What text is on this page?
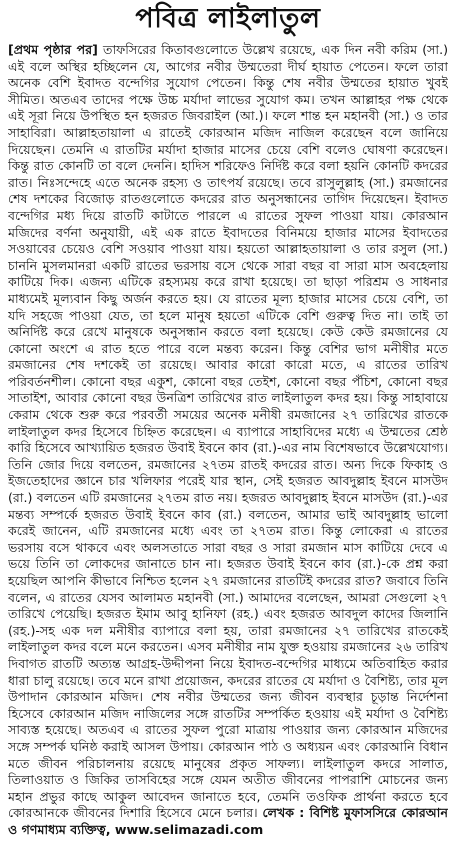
পবিত্র লাইলাতুল

[প্রথম পৃষ্ঠার পর] তাফসিরের কিতাবগুলোতে উল্লেখ রয়েছে, এক দিন নবী করিম (সা.) এই বলে অস্থির হচ্ছিলেন যে, আগের নবীর উম্মতেরা দীর্ঘ হায়াত পেতেন। ফলে তারা অনেক বেশি ইবাদত বন্দেগির সুযোগ পেতেন। কিন্তু শেষ নবীর উম্মতের হায়াত খুবই সীমিত। অতএব তাদের পক্ষে উচ্চ মর্যাদা লাভের সুযোগ কম। তখন আল্লাহর পক্ষ থেকে এই সূরা নিয়ে উপস্থিত হন হজরত জিবরাইল (আ.)। ফলে শান্ত হন মহানবী (সা.) ও তার সাহাবিরা। আল্লাহতায়ালা এ রাতেই কোরআন মজিদ নাজিল করেছেন বলে জানিয়ে দিয়েছেন। তেমনি এ রাতটির মর্যাদা হাজার মাসের চেয়ে বেশি বলেও ঘোষণা করেছেন। কিন্তু রাত কোনটি তা বলে দেননি। হাদিস শরিফেও নির্দিষ্ট করে বলা হয়নি কোনটি কদরের রাত। নিঃসন্দেহে এতে অনেক রহস্য ও তাৎপর্য রয়েছে। তবে রাসুলুল্লাহ (সা.) রমজানের শেষ দশকের বিজোড় রাতগুলোতে কদরের রাত অনুসন্ধানের তাগিদ দিয়েছেন। ইবাদত বন্দেগির মধ্য দিয়ে রাতটি কাটাতে পারলে এ রাতের সুফল পাওয়া যায়। কোরআন মজিদের বর্ণনা অনুযায়ী, এই এক রাতে ইবাদতের বিনিময়ে হাজার মাসের ইবাদতের সওয়াবের চেয়েও বেশি সওয়াব পাওয়া যায়। হয়তো আল্লাহতায়ালা ও তার রসুল (সা.) চাননি মুসলমানরা একটি রাতের ভরসায় বসে থেকে সারা বছর বা সারা মাস অবহেলায় কাটিয়ে দিক। এজন্য এটিকে রহস্যময় করে রাখা হয়েছে। তা ছাড়া পরিশ্রম ও সাধনার মাধ্যমেই মূল্যবান কিছু অর্জন করতে হয়। যে রাতের মূল্য হাজার মাসের চেয়ে বেশি, তা যদি সহজে পাওয়া যেত, তা হলে মানুষ হয়তো এটিকে বেশি গুরুত্ব দিত না। তাই তা অনির্দিষ্ট করে রেখে মানুষকে অনুসন্ধান করতে বলা হয়েছে। কেউ কেউ রমজানের যে কোনো অংশে এ রাত হতে পারে বলে মন্তব্য করেন। কিন্তু বেশির ভাগ মনীষীর মতে রমজানের শেষ দশকেই তা রয়েছে। আবার কারো কারো মতে, এ রাতের তারিখ পরিবর্তনশীল। কোনো বছর একুশ, কোনো বছর তেইশ, কোনো বছর পঁচিশ, কোনো বছর সাতাইশ, আবার কোনো বছর উনত্রিশ তারিখের রাত লাইলাতুল কদর হয়। কিন্তু সাহাবায়ে কেরাম থেকে শুরু করে পরবর্তী সময়ের অনেক মনীষী রমজানের ২৭ তারিখের রাতকে লাইলাতুল কদর হিসেবে চিহ্নিত করেছেন। এ ব্যাপারে সাহাবিদের মধ্যে এ উম্মতের শ্রেষ্ঠ কারি হিসেবে আখ্যায়িত হজরত উবাই ইবনে কাব (রা.)-এর নাম বিশেষভাবে উল্লেখযোগ্য। তিনি জোর দিয়ে বলতেন, রমজানের ২৭তম রাতই কদরের রাত। অন্য দিকে ফিকাহ ও ইজতেহাদের জ্ঞানে চার খলিফার পরেই যার স্থান, সেই হজরত আবদুল্লাহ ইবনে মাসউদ (রা.) বলতেন এটি রমজানের ২৭তম রাত নয়। হজরত আবদুল্লাহ ইবনে মাসউদ (রা.)-এর মন্তব্য সম্পর্কে হজরত উবাই ইবনে কাব (রা.) বলতেন, আমার ভাই আবদুল্লাহ ভালো করেই জানেন, এটি রমজানের মধ্যে এবং তা ২৭তম রাত। কিন্তু লোকেরা এ রাতের ভরসায় বসে থাকবে এবং অলসতাতে সারা বছর ও সারা রমজান মাস কাটিয়ে দেবে এ ভয়ে তিনি তা লোকদের জানাতে চান না। হজরত উবাই ইবনে কাব (রা.)-কে প্রশ্ন করা হয়েছিল আপনি কীভাবে নিশ্চিত হলেন ২৭ রমজানের রাতটিই কদরের রাত? জবাবে তিনি বলেন, এ রাতের যেসব আলামত মহানবী (সা.) আমাদের বলেছেন, আমরা সেগুলো ২৭ তারিখে পেয়েছি। হজরত ইমাম আবু হানিফা (রহ.) এবং হজরত আবদুল কাদের জিলানি (রহ.)-সহ এক দল মনীষীর ব্যাপারে বলা হয়, তারা রমজানের ২৭ তারিখের রাতকেই লাইলাতুল কদর বলে মনে করতেন। এসব মনীষীর নাম যুক্ত হওয়ায় রমজানের ২৬ তারিখ দিবাগত রাতটি অত্যন্ত আগ্রহ-উদ্দীপনা নিয়ে ইবাদত-বন্দেগির মাধ্যমে অতিবাহিত করার ধারা চালু রয়েছে। তবে মনে রাখা প্রয়োজন, কদরের রাতের যে মর্যাদা ও বৈশিষ্ট্য, তার মূল উপাদান কোরআন মজিদ। শেষ নবীর উম্মতের জন্য জীবন ব্যবস্থার চূড়ান্ত নির্দেশনা হিসেবে কোরআন মজিদ নাজিলের সঙ্গে রাতটির সম্পর্কিত হওয়ায় এই মর্যাদা ও বৈশিষ্ট্য সাব্যস্ত হয়েছে। অতএব এ রাতের সুফল পুরো মাত্রায় পাওয়ার জন্য কোরআন মজিদের সঙ্গে সম্পর্ক ঘনিষ্ঠ করাই আসল উপায়। কোরআন পাঠ ও অধ্যয়ন এবং কোরআনি বিধান মতে জীবন পরিচালনায় রয়েছে মানুষের প্রকৃত সাফল্য। লাইলাতুল কদরে সালাত, তিলাওয়াত ও জিকির তাসবিহের সঙ্গে যেমন অতীত জীবনের পাপরাশি মোচনের জন্য মহান প্রভুর কাছে আকুল আবেদন জানাতে হবে, তেমনি তওফিক প্রার্থনা করতে হবে কোরআনকে জীবনের দিশারি হিসেবে মেনে চলার। লেখক : বিশিষ্ট মুফাসসিরে কোরআন ও গণমাধ্যম ব্যক্তিত্ব, www.selimazadi.com
